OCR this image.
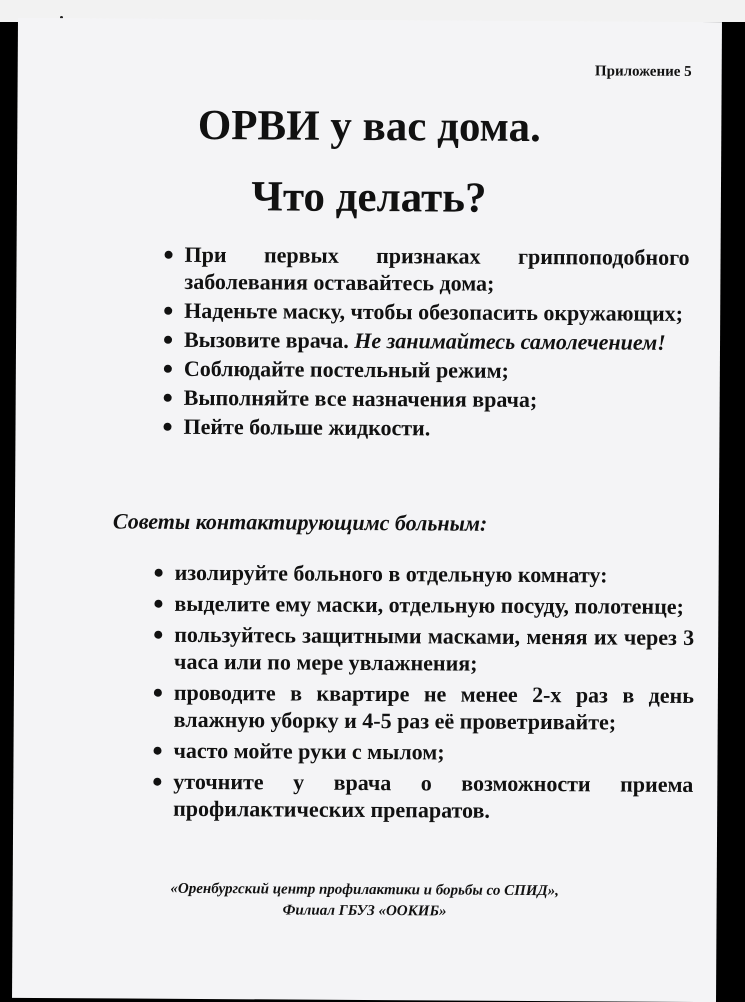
Приложение 5
ОРВИ у вас дома.
Что делать?
При первых признаках гриппоподобного заболевания оставайтесь дома;
Наденьте маску, чтобы обезопасить окружающих;
Вызовите врача. Не занимайтесь самолечением!
Соблюдайте постельный режим;
Выполняйте все назначения врача;
Пейте больше жидкости.
Советы контактирующимс больным:
изолируйте больного в отдельную комнату:
выделите ему маски, отдельную посуду, полотенце;
пользуйтесь защитными масками, меняя их через 3 часа или по мере увлажнения;
проводите в квартире не менее 2-х раз в день влажную уборку и 4-5 раз её проветривайте;
часто мойте руки с мылом;
уточните у врача о возможности приема профилактических препаратов.
«Оренбургский центр профилактики и борьбы со СПИД»,
Филиал ГБУЗ «ООКИБ»
